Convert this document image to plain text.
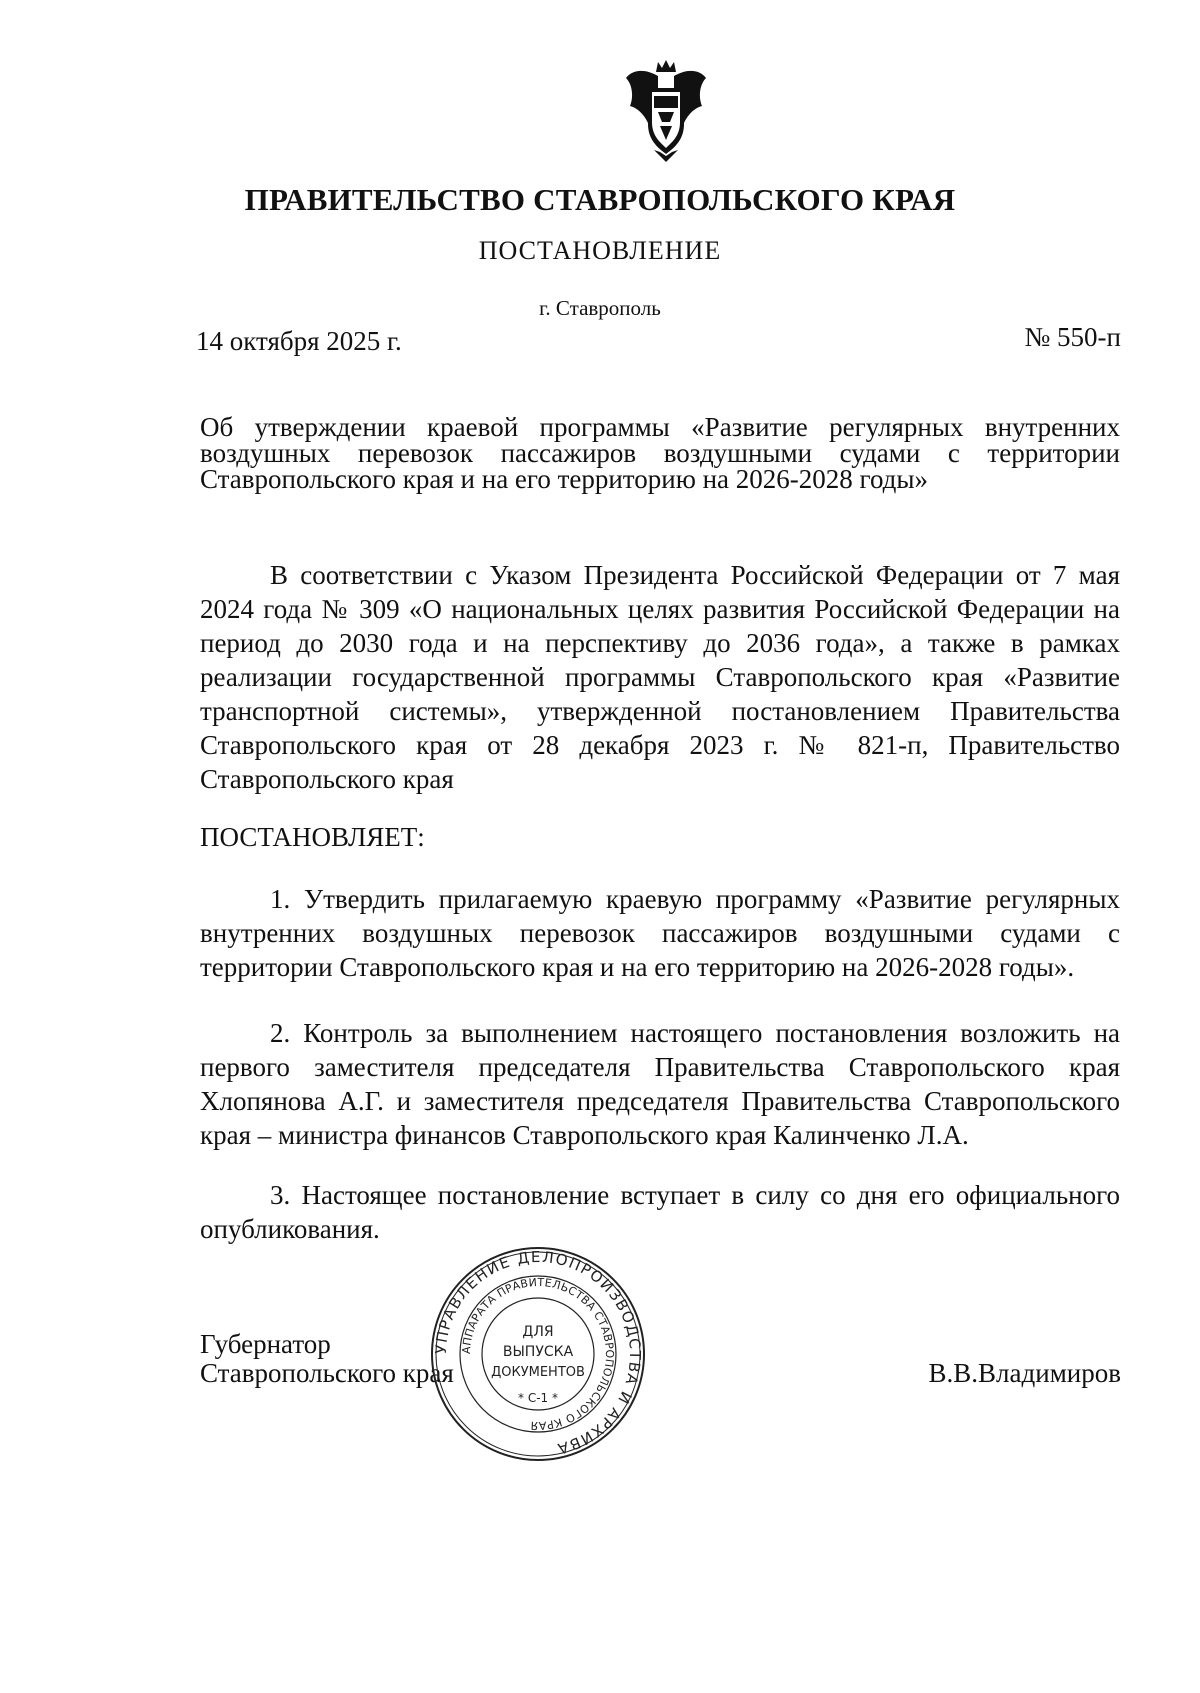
ПРАВИТЕЛЬСТВО СТАВРОПОЛЬСКОГО КРАЯ
ПОСТАНОВЛЕНИЕ
г. Ставрополь
14 октября 2025 г.	№ 550-п
Об утверждении краевой программы «Развитие регулярных внутренних воздушных перевозок пассажиров воздушными судами с территории Ставропольского края и на его территорию на 2026-2028 годы»
В соответствии с Указом Президента Российской Федерации от 7 мая 2024 года № 309 «О национальных целях развития Российской Федерации на период до 2030 года и на перспективу до 2036 года», а также в рамках реализации государственной программы Ставропольского края «Развитие транспортной системы», утвержденной постановлением Правительства Ставропольского края от 28 декабря 2023 г. № 821-п, Правительство Ставропольского края
ПОСТАНОВЛЯЕТ:
1. Утвердить прилагаемую краевую программу «Развитие регулярных внутренних воздушных перевозок пассажиров воздушными судами с территории Ставропольского края и на его территорию на 2026-2028 годы».
2. Контроль за выполнением настоящего постановления возложить на первого заместителя председателя Правительства Ставропольского края Хлопянова А.Г. и заместителя председателя Правительства Ставропольского края – министра финансов Ставропольского края Калинченко Л.А.
3. Настоящее постановление вступает в силу со дня его официального опубликования.
Губернатор
Ставропольского края	В.В.Владимиров
УПРАВЛЕНИЕ ДЕЛОПРОИЗВОДСТВА И АРХИВА
АППАРАТА ПРАВИТЕЛЬСТВА СТАВРОПОЛЬСКОГО КРАЯ
ДЛЯ
ВЫПУСКА
ДОКУМЕНТОВ
* С-1 *
